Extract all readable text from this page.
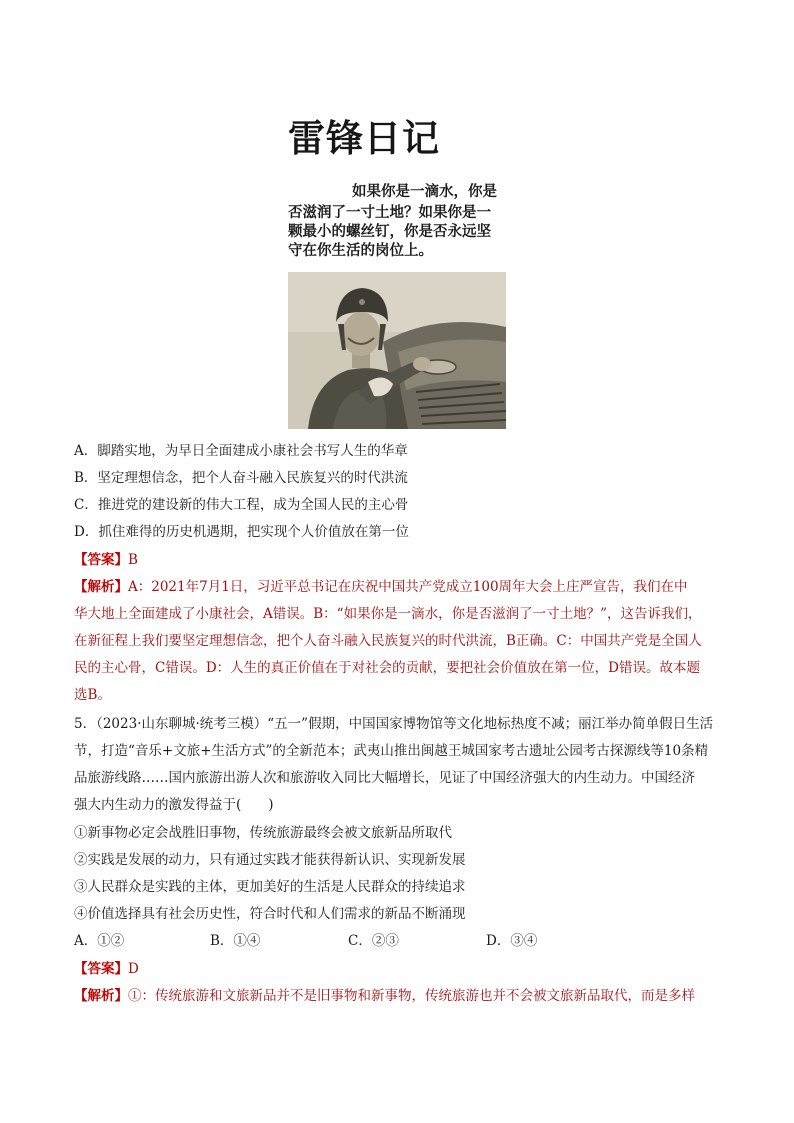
雷锋日记
如果你是一滴水，你是
否滋润了一寸土地？如果你是一
颗最小的螺丝钉，你是否永远坚
守在你生活的岗位上。
A．脚踏实地，为早日全面建成小康社会书写人生的华章
B．坚定理想信念，把个人奋斗融入民族复兴的时代洪流
C．推进党的建设新的伟大工程，成为全国人民的主心骨
D．抓住难得的历史机遇期，把实现个人价值放在第一位
【答案】B
【解析】A：2021年7月1日，习近平总书记在庆祝中国共产党成立100周年大会上庄严宣告，我们在中
华大地上全面建成了小康社会，A错误。B：“如果你是一滴水，你是否滋润了一寸土地？”，这告诉我们，
在新征程上我们要坚定理想信念，把个人奋斗融入民族复兴的时代洪流，B正确。C：中国共产党是全国人
民的主心骨，C错误。D：人生的真正价值在于对社会的贡献，要把社会价值放在第一位，D错误。故本题
选B。
5．（2023·山东聊城·统考三模）“五一”假期，中国国家博物馆等文化地标热度不减；丽江举办简单假日生活
节，打造“音乐+文旅+生活方式”的全新范本；武夷山推出闽越王城国家考古遗址公园考古探源线等10条精
品旅游线路……国内旅游出游人次和旅游收入同比大幅增长，见证了中国经济强大的内生动力。中国经济
强大内生动力的激发得益于(　　)
①新事物必定会战胜旧事物，传统旅游最终会被文旅新品所取代
②实践是发展的动力，只有通过实践才能获得新认识、实现新发展
③人民群众是实践的主体，更加美好的生活是人民群众的持续追求
④价值选择具有社会历史性，符合时代和人们需求的新品不断涌现
A．①②	B．①④	C．②③	D．③④
【答案】D
【解析】①：传统旅游和文旅新品并不是旧事物和新事物，传统旅游也并不会被文旅新品取代，而是多样
